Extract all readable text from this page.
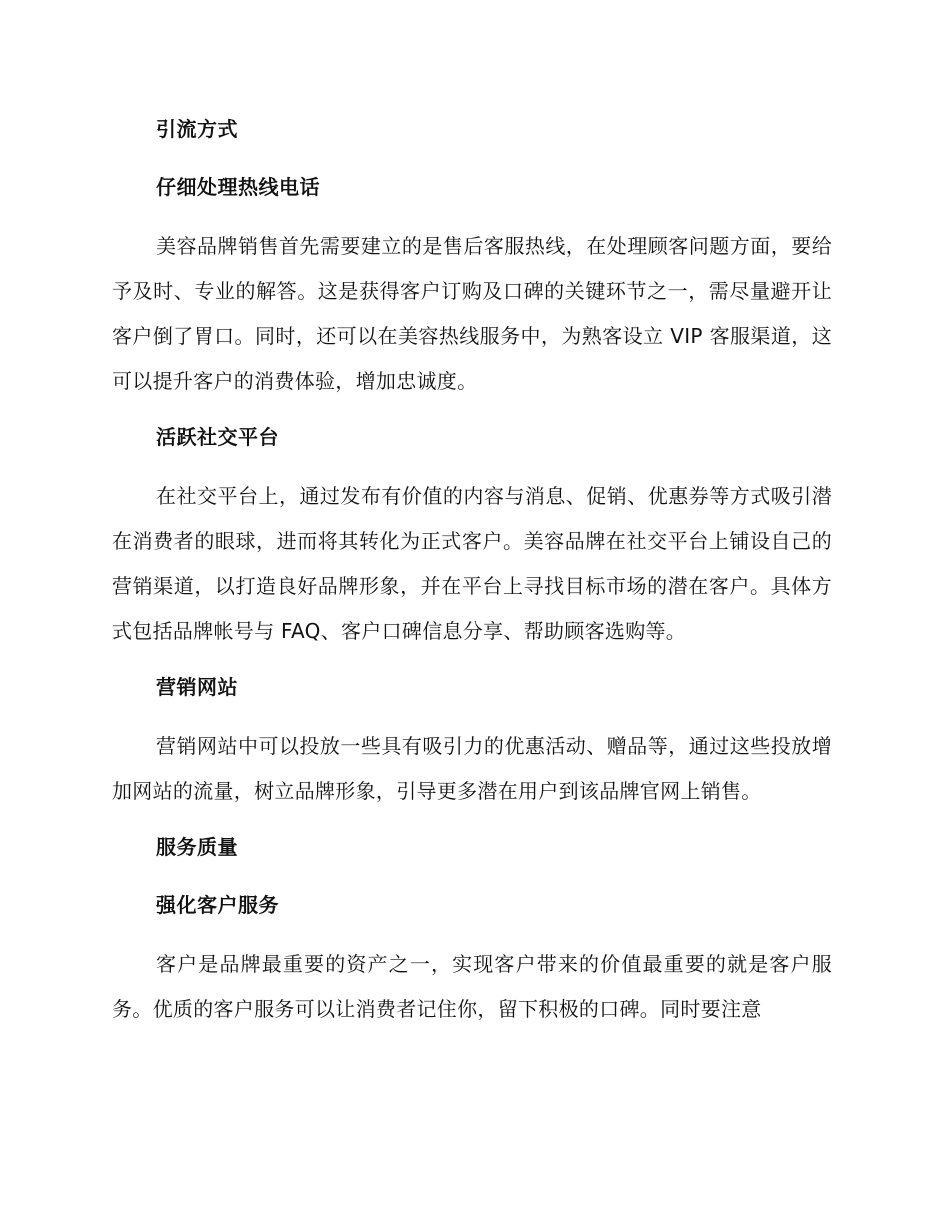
引流方式
仔细处理热线电话

美容品牌销售首先需要建立的是售后客服热线，在处理顾客问题方面，要给予及时、专业的解答。这是获得客户订购及口碑的关键环节之一，需尽量避开让客户倒了胃口。同时，还可以在美容热线服务中，为熟客设立 VIP 客服渠道，这可以提升客户的消费体验，增加忠诚度。

活跃社交平台

在社交平台上，通过发布有价值的内容与消息、促销、优惠券等方式吸引潜在消费者的眼球，进而将其转化为正式客户。美容品牌在社交平台上铺设自己的营销渠道，以打造良好品牌形象，并在平台上寻找目标市场的潜在客户。具体方式包括品牌帐号与 FAQ、客户口碑信息分享、帮助顾客选购等。

营销网站

营销网站中可以投放一些具有吸引力的优惠活动、赠品等，通过这些投放增加网站的流量，树立品牌形象，引导更多潜在用户到该品牌官网上销售。

服务质量
强化客户服务

客户是品牌最重要的资产之一，实现客户带来的价值最重要的就是客户服务。优质的客户服务可以让消费者记住你，留下积极的口碑。同时要注意
